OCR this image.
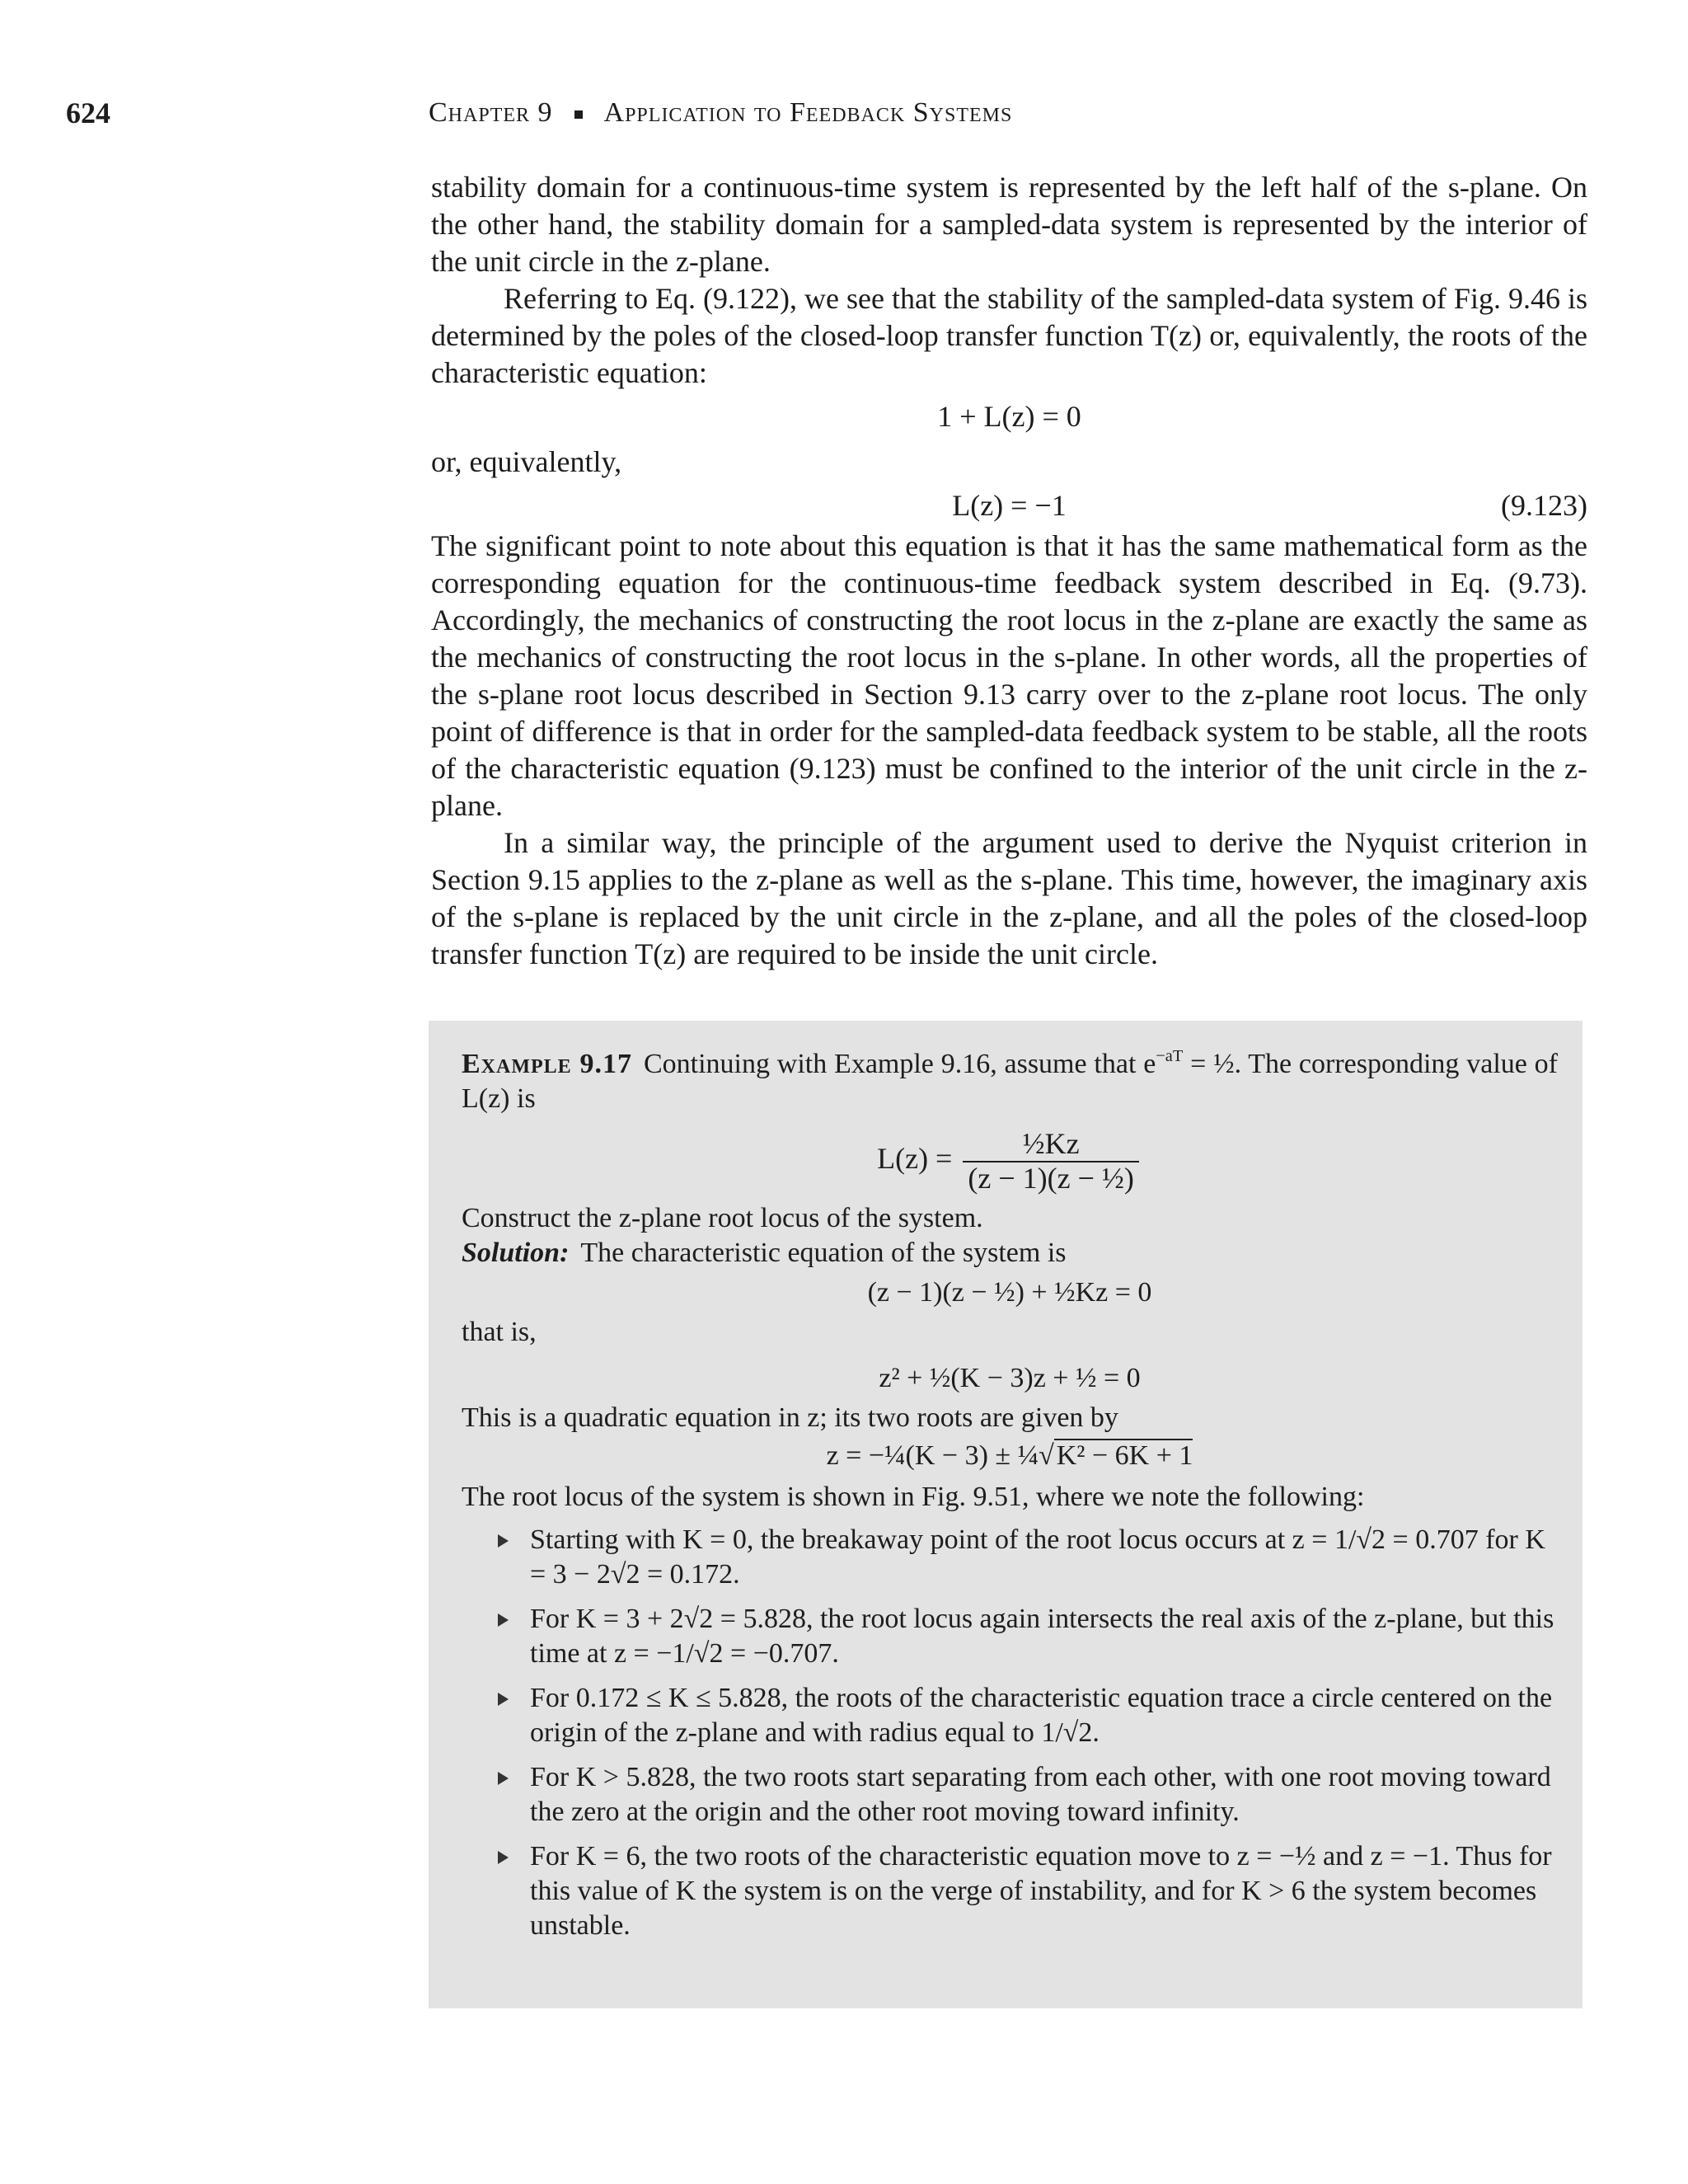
624	Chapter 9 Application to Feedback Systems

stability domain for a continuous-time system is represented by the left half of the s-plane. On the other hand, the stability domain for a sampled-data system is represented by the interior of the unit circle in the z-plane.

Referring to Eq. (9.122), we see that the stability of the sampled-data system of Fig. 9.46 is determined by the poles of the closed-loop transfer function T(z) or, equivalently, the roots of the characteristic equation:

1 + L(z) = 0
or, equivalently,
L(z) = −1	(9.123)

The significant point to note about this equation is that it has the same mathematical form as the corresponding equation for the continuous-time feedback system described in Eq. (9.73). Accordingly, the mechanics of constructing the root locus in the z-plane are exactly the same as the mechanics of constructing the root locus in the s-plane. In other words, all the properties of the s-plane root locus described in Section 9.13 carry over to the z-plane root locus. The only point of difference is that in order for the sampled-data feedback system to be stable, all the roots of the characteristic equation (9.123) must be confined to the interior of the unit circle in the z-plane.

In a similar way, the principle of the argument used to derive the Nyquist criterion in Section 9.15 applies to the z-plane as well as the s-plane. This time, however, the imaginary axis of the s-plane is replaced by the unit circle in the z-plane, and all the poles of the closed-loop transfer function T(z) are required to be inside the unit circle.

Example 9.17 Continuing with Example 9.16, assume that $e^{-aT}$ = ½. The corresponding value of L(z) is

$L(z) = \frac{\text{½Kz}}{\text{(z − 1)(z − ½)}}$

Construct the z-plane root locus of the system.

Solution: The characteristic equation of the system is

(z − 1)(z − ½) + ½Kz = 0
that is,
z² + ½(K − 3)z + ½ = 0

This is a quadratic equation in z; its two roots are given by

z = −¼(K − 3) ± ¼√K² − 6K + 1

The root locus of the system is shown in Fig. 9.51, where we note the following:

Starting with K = 0, the breakaway point of the root locus occurs at z = 1/√2 = 0.707 for K = 3 − 2√2 = 0.172.
For K = 3 + 2√2 = 5.828, the root locus again intersects the real axis of the z-plane, but this time at z = −1/√2 = −0.707.
For 0.172 ≤ K ≤ 5.828, the roots of the characteristic equation trace a circle centered on the origin of the z-plane and with radius equal to 1/√2.
For K > 5.828, the two roots start separating from each other, with one root moving toward the zero at the origin and the other root moving toward infinity.
For K = 6, the two roots of the characteristic equation move to z = −½ and z = −1. Thus for this value of K the system is on the verge of instability, and for K > 6 the system becomes unstable.
